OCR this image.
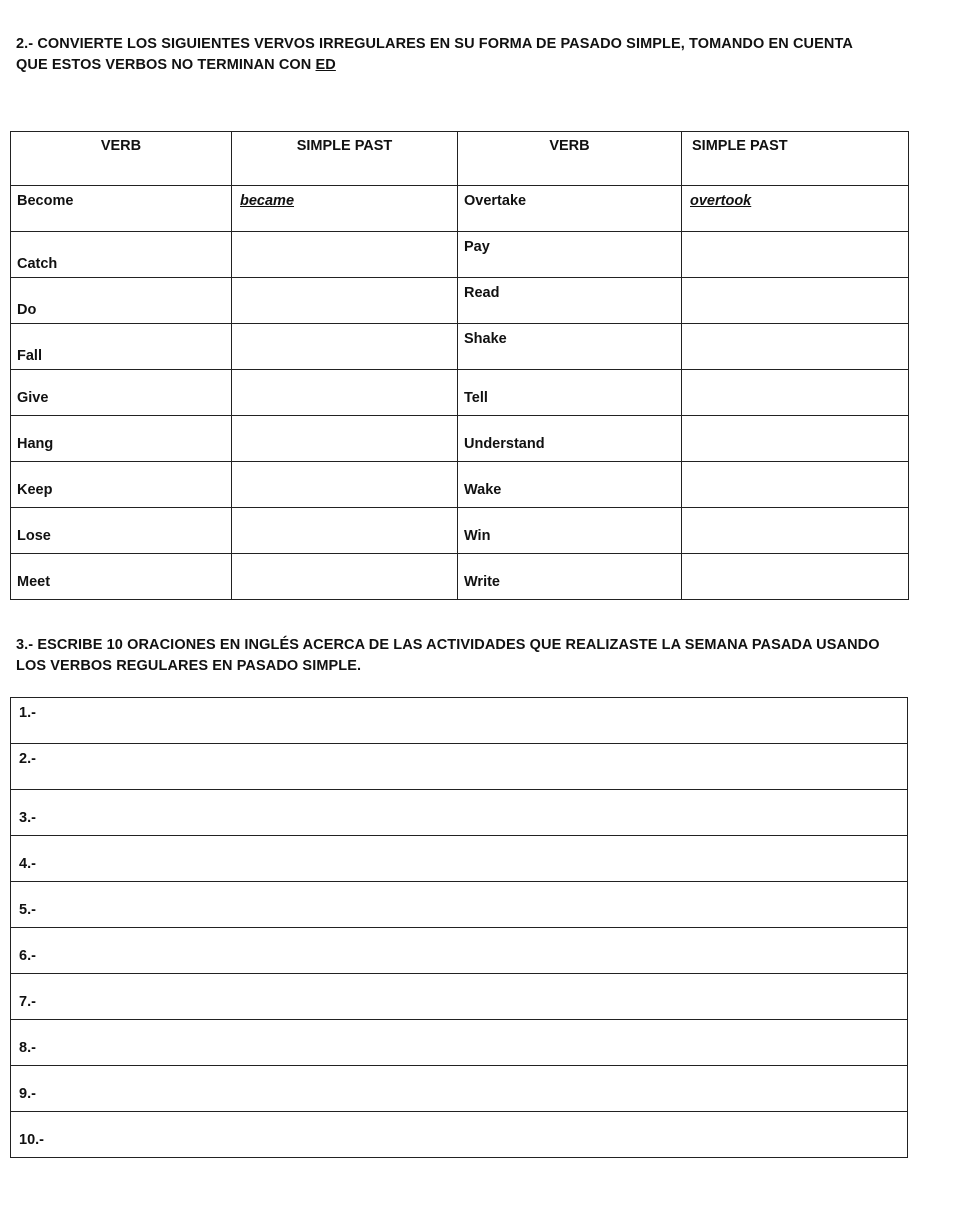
2.- CONVIERTE LOS SIGUIENTES VERVOS IRREGULARES EN SU FORMA DE PASADO SIMPLE, TOMANDO EN CUENTA
QUE ESTOS VERBOS NO TERMINAN CON ED
VERB	SIMPLE PAST	VERB	SIMPLE PAST

Become	became	Overtake	overtook

Catch		Pay	

Do		Read	

Fall		Shake	

Give		Tell	

Hang		Understand	

Keep		Wake	

Lose		Win	

Meet		Write	

3.- ESCRIBE 10 ORACIONES EN INGLÉS ACERCA DE LAS ACTIVIDADES QUE REALIZASTE LA SEMANA PASADA USANDO
LOS VERBOS REGULARES EN PASADO SIMPLE.
1.-

2.-

3.-

4.-

5.-

6.-

7.-

8.-

9.-

10.-
